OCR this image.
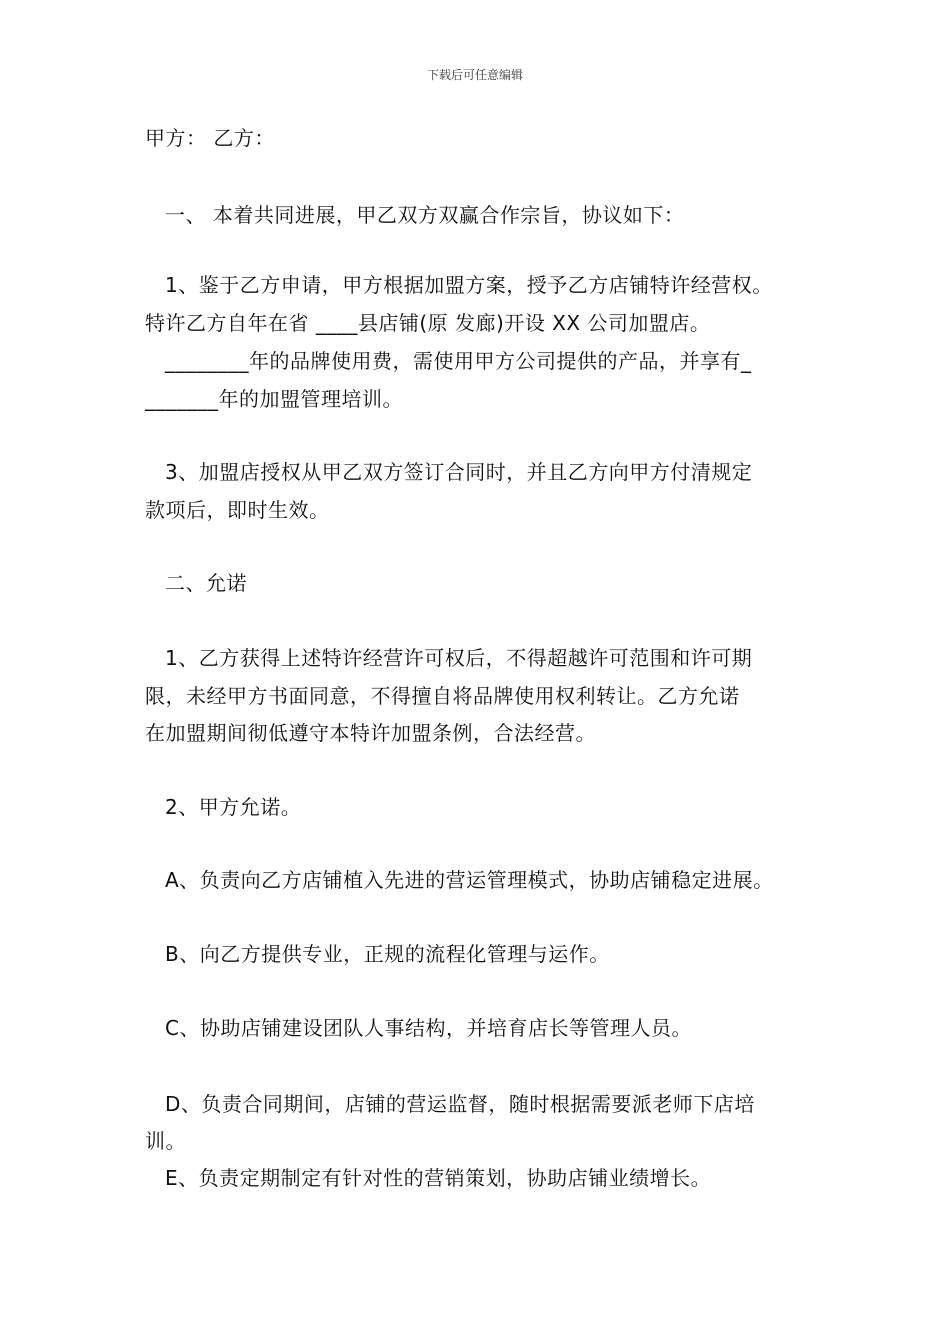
下载后可任意编辑
甲方： 乙方：
一、 本着共同进展，甲乙双方双赢合作宗旨，协议如下：
1、鉴于乙方申请，甲方根据加盟方案，授予乙方店铺特许经营权。
特许乙方自年在省 ____县店铺(原 发廊)开设 XX 公司加盟店。
________年的品牌使用费，需使用甲方公司提供的产品，并享有_
_______年的加盟管理培训。
3、加盟店授权从甲乙双方签订合同时，并且乙方向甲方付清规定
款项后，即时生效。
二、允诺
1、乙方获得上述特许经营许可权后，不得超越许可范围和许可期
限，未经甲方书面同意，不得擅自将品牌使用权利转让。乙方允诺
在加盟期间彻低遵守本特许加盟条例，合法经营。
2、甲方允诺。
A、负责向乙方店铺植入先进的营运管理模式，协助店铺稳定进展。
B、向乙方提供专业，正规的流程化管理与运作。
C、协助店铺建设团队人事结构，并培育店长等管理人员。
D、负责合同期间，店铺的营运监督，随时根据需要派老师下店培
训。
E、负责定期制定有针对性的营销策划，协助店铺业绩增长。
